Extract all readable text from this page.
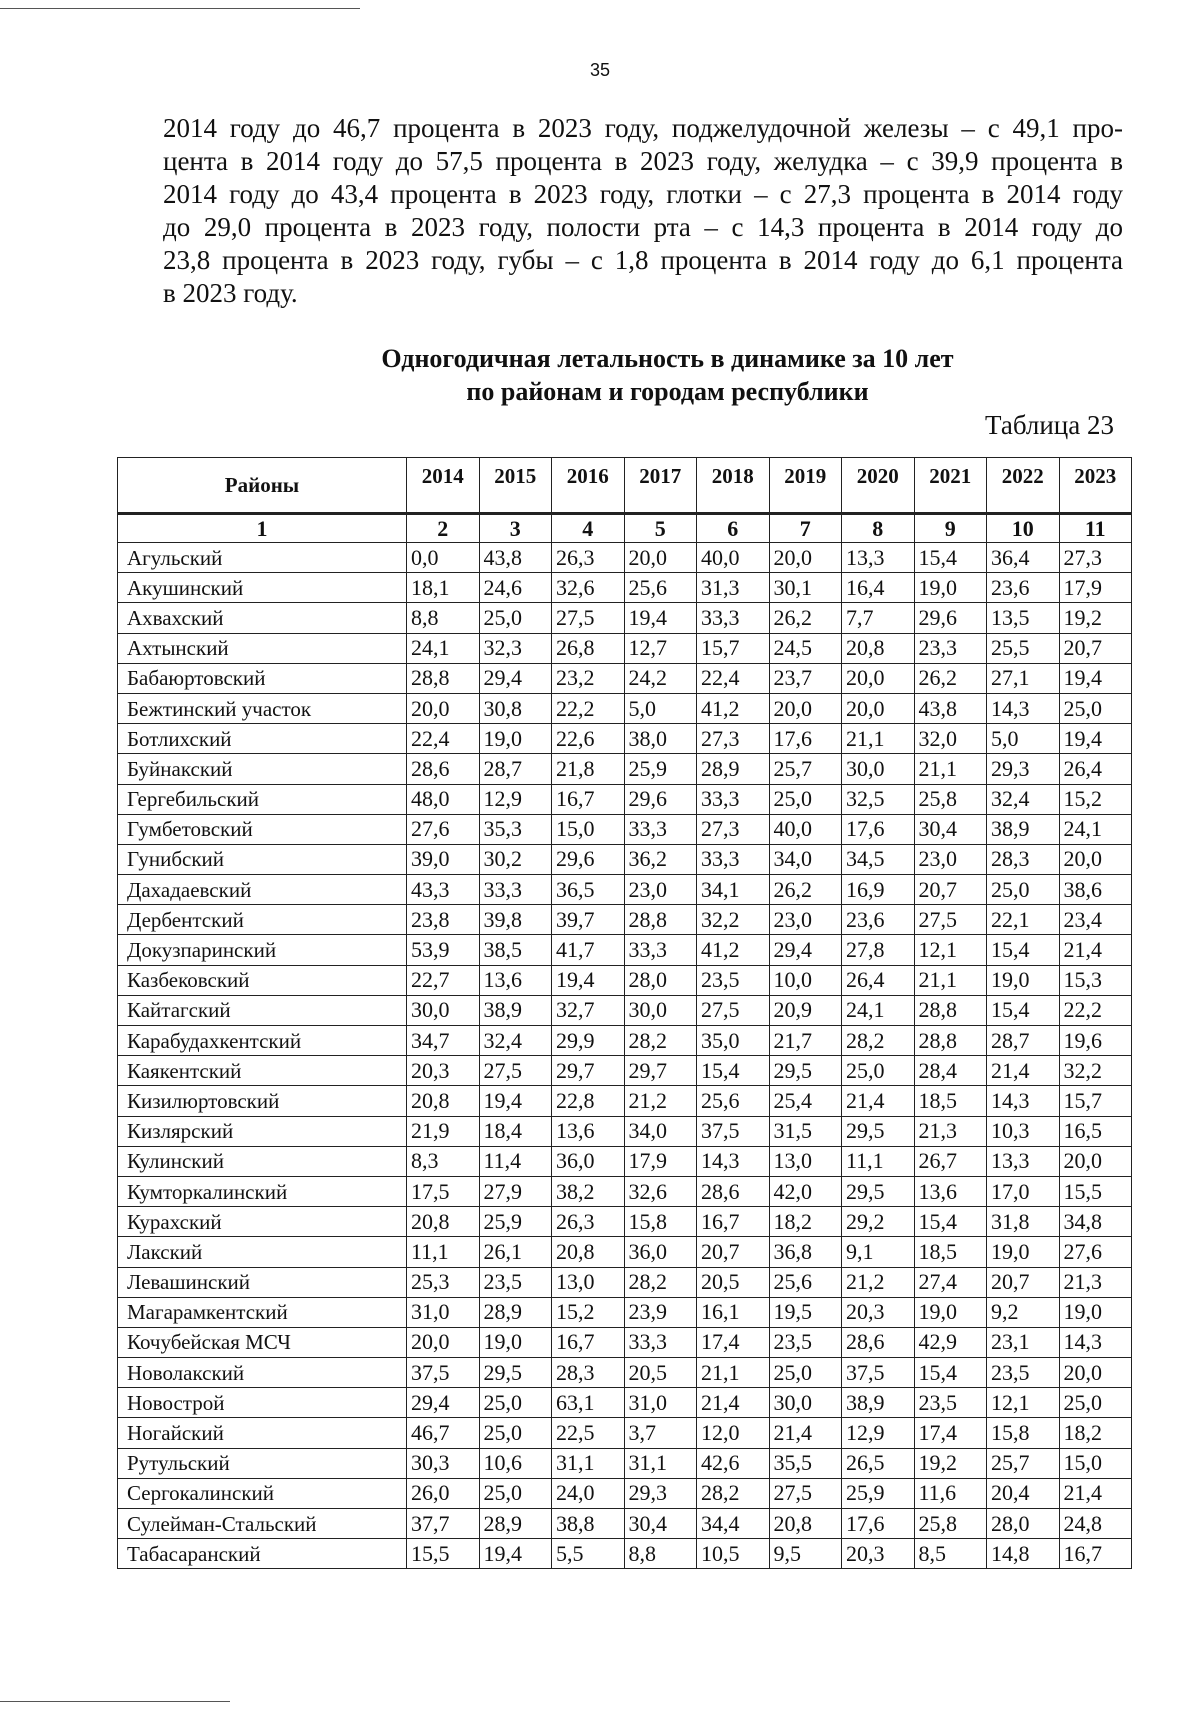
35
2014 году до 46,7 процента в 2023 году, поджелудочной железы – с 49,1 про-
цента в 2014 году до 57,5 процента в 2023 году, желудка – с 39,9 процента в
2014 году до 43,4 процента в 2023 году, глотки – с 27,3 процента в 2014 году
до 29,0 процента в 2023 году, полости рта – с 14,3 процента в 2014 году до
23,8 процента в 2023 году, губы – с 1,8 процента в 2014 году до 6,1 процента
в 2023 году.
Одногодичная летальность в динамике за 10 лет
по районам и городам республики
Таблица 23
Районы	2014	2015	2016	2017	2018	2019	2020	2021	2022	2023
1	2	3	4	5	6	7	8	9	10	11
Агульский	0,0	43,8	26,3	20,0	40,0	20,0	13,3	15,4	36,4	27,3
Акушинский	18,1	24,6	32,6	25,6	31,3	30,1	16,4	19,0	23,6	17,9
Ахвахский	8,8	25,0	27,5	19,4	33,3	26,2	7,7	29,6	13,5	19,2
Ахтынский	24,1	32,3	26,8	12,7	15,7	24,5	20,8	23,3	25,5	20,7
Бабаюртовский	28,8	29,4	23,2	24,2	22,4	23,7	20,0	26,2	27,1	19,4
Бежтинский участок	20,0	30,8	22,2	5,0	41,2	20,0	20,0	43,8	14,3	25,0
Ботлихский	22,4	19,0	22,6	38,0	27,3	17,6	21,1	32,0	5,0	19,4
Буйнакский	28,6	28,7	21,8	25,9	28,9	25,7	30,0	21,1	29,3	26,4
Гергебильский	48,0	12,9	16,7	29,6	33,3	25,0	32,5	25,8	32,4	15,2
Гумбетовский	27,6	35,3	15,0	33,3	27,3	40,0	17,6	30,4	38,9	24,1
Гунибский	39,0	30,2	29,6	36,2	33,3	34,0	34,5	23,0	28,3	20,0
Дахадаевский	43,3	33,3	36,5	23,0	34,1	26,2	16,9	20,7	25,0	38,6
Дербентский	23,8	39,8	39,7	28,8	32,2	23,0	23,6	27,5	22,1	23,4
Докузпаринский	53,9	38,5	41,7	33,3	41,2	29,4	27,8	12,1	15,4	21,4
Казбековский	22,7	13,6	19,4	28,0	23,5	10,0	26,4	21,1	19,0	15,3
Кайтагский	30,0	38,9	32,7	30,0	27,5	20,9	24,1	28,8	15,4	22,2
Карабудахкентский	34,7	32,4	29,9	28,2	35,0	21,7	28,2	28,8	28,7	19,6
Каякентский	20,3	27,5	29,7	29,7	15,4	29,5	25,0	28,4	21,4	32,2
Кизилюртовский	20,8	19,4	22,8	21,2	25,6	25,4	21,4	18,5	14,3	15,7
Кизлярский	21,9	18,4	13,6	34,0	37,5	31,5	29,5	21,3	10,3	16,5
Кулинский	8,3	11,4	36,0	17,9	14,3	13,0	11,1	26,7	13,3	20,0
Кумторкалинский	17,5	27,9	38,2	32,6	28,6	42,0	29,5	13,6	17,0	15,5
Курахский	20,8	25,9	26,3	15,8	16,7	18,2	29,2	15,4	31,8	34,8
Лакский	11,1	26,1	20,8	36,0	20,7	36,8	9,1	18,5	19,0	27,6
Левашинский	25,3	23,5	13,0	28,2	20,5	25,6	21,2	27,4	20,7	21,3
Магарамкентский	31,0	28,9	15,2	23,9	16,1	19,5	20,3	19,0	9,2	19,0
Кочубейская МСЧ	20,0	19,0	16,7	33,3	17,4	23,5	28,6	42,9	23,1	14,3
Новолакский	37,5	29,5	28,3	20,5	21,1	25,0	37,5	15,4	23,5	20,0
Новострой	29,4	25,0	63,1	31,0	21,4	30,0	38,9	23,5	12,1	25,0
Ногайский	46,7	25,0	22,5	3,7	12,0	21,4	12,9	17,4	15,8	18,2
Рутульский	30,3	10,6	31,1	31,1	42,6	35,5	26,5	19,2	25,7	15,0
Сергокалинский	26,0	25,0	24,0	29,3	28,2	27,5	25,9	11,6	20,4	21,4
Сулейман-Стальский	37,7	28,9	38,8	30,4	34,4	20,8	17,6	25,8	28,0	24,8
Табасаранский	15,5	19,4	5,5	8,8	10,5	9,5	20,3	8,5	14,8	16,7
